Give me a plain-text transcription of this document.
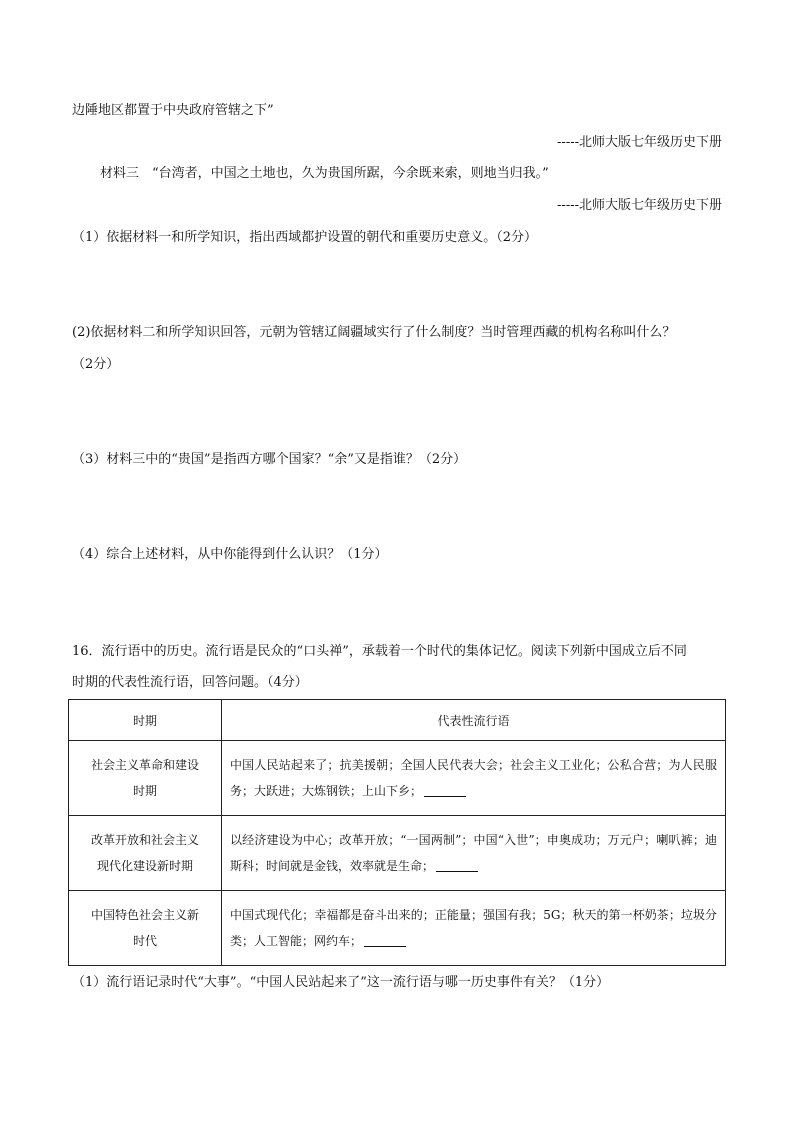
边陲地区都置于中央政府管辖之下”
-----北师大版七年级历史下册
材料三　“台湾者，中国之土地也，久为贵国所踞，今余既来索，则地当归我。”
-----北师大版七年级历史下册
（1）依据材料一和所学知识，指出西域都护设置的朝代和重要历史意义。（2分）
(2)依据材料二和所学知识回答，元朝为管辖辽阔疆域实行了什么制度？当时管理西藏的机构名称叫什么？
（2分）
（3）材料三中的“贵国”是指西方哪个国家？“余”又是指谁？（2分）
（4）综合上述材料，从中你能得到什么认识？（1分）
16．流行语中的历史。流行语是民众的“口头禅”，承载着一个时代的集体记忆。阅读下列新中国成立后不同
时期的代表性流行语，回答问题。（4分）
时期	代表性流行语

社会主义革命和建设
时期	中国人民站起来了；抗美援朝；全国人民代表大会；社会主义工业化；公私合营；为人民服务；大跃进；大炼钢铁；上山下乡；

改革开放和社会主义
现代化建设新时期	以经济建设为中心；改革开放；“一国两制”；中国“入世”；申奥成功；万元户；喇叭裤；迪斯科；时间就是金钱，效率就是生命；

中国特色社会主义新
时代	中国式现代化；幸福都是奋斗出来的；正能量；强国有我；5G；秋天的第一杯奶茶；垃圾分类；人工智能；网约车；
（1）流行语记录时代“大事”。“中国人民站起来了”这一流行语与哪一历史事件有关？（1分）
